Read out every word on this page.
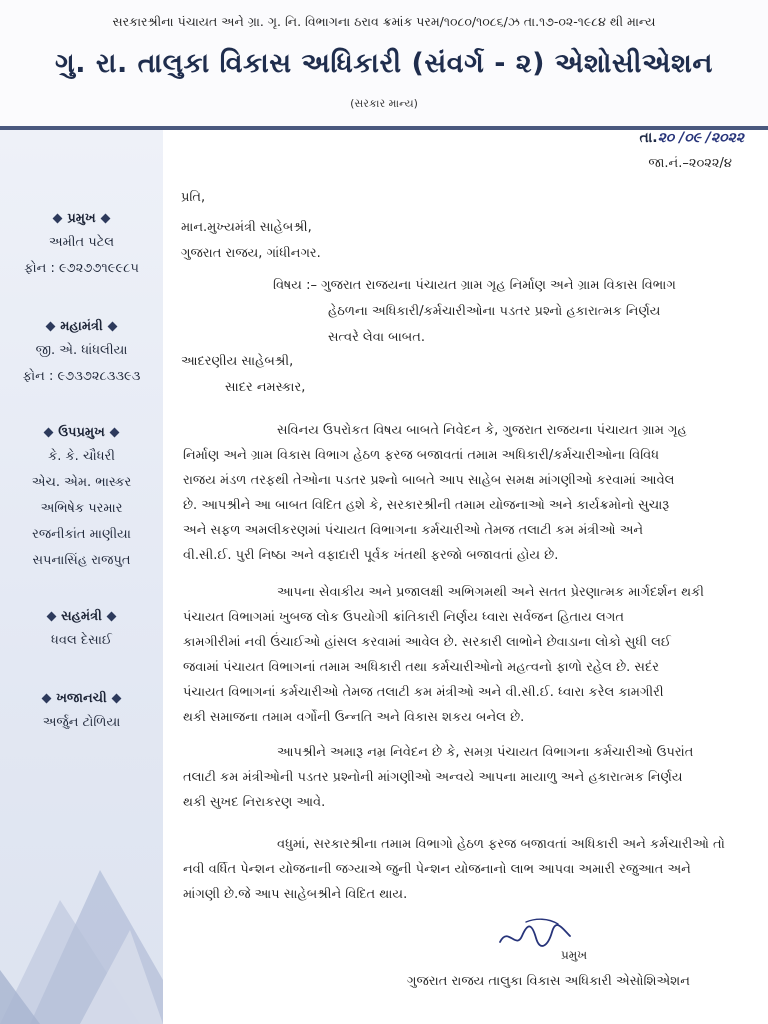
સરકારશ્રીના પંચાયત અને ગ્રા. ગૃ. નિ. વિભાગના ઠરાવ ક્રમાંક પરમ/૧૦૮૦/૧૦૮૬/ઝ તા.૧૭-૦૨-૧૯૮૪ થી માન્ય
ગુ. રા. તાલુકા વિકાસ અધિકારી (સંવર્ગ - ૨) એશોસીએશન
(સરકાર માન્ય)
પ્રમુખ
અમીત પટેલ
ફોન : ૯૭૨૭૭૧૯૯૮૫
મહામંત્રી
જી. એ. ધાંધલીયા
ફોન : ૯૭૩૭૨૮૩૩૯૩
ઉપપ્રમુખ
કે. કે. ચૌધરી
એચ. એમ. ભાસ્કર
અભિષેક પરમાર
રજનીકાંત માણીયા
સપનાસિંહ રાજપુત
સહમંત્રી
ધવલ દેસાઈ
ખજાનચી
અર્જુન ટોળિયા
તા.૨૦ /૦૯ /૨૦૨૨
જા.નં.–૨૦૨૨/૪
પ્રતિ,
માન.મુખ્યમંત્રી સાહેબશ્રી,
ગુજરાત રાજય, ગાંધીનગર.
વિષય :– ગુજરાત રાજયના પંચાયત ગ્રામ ગૃહ નિર્માણ અને ગ્રામ વિકાસ વિભાગ
હેઠળના અધિકારી/કર્મચારીઓના પડતર પ્રશ્નો હકારાત્મક નિર્ણય
સત્વરે લેવા બાબત.
આદરણીય સાહેબશ્રી,
સાદર નમસ્કાર,
સવિનય ઉપરોકત વિષય બાબતે નિવેદન કે, ગુજરાત રાજયના પંચાયત ગ્રામ ગૃહ
નિર્માણ અને ગ્રામ વિકાસ વિભાગ હેઠળ ફરજ બજાવતાં તમામ અધિકારી/કર્મચારીઓના વિવિધ
રાજય મંડળ તરફથી તેઓના પડતર પ્રશ્નો બાબતે આપ સાહેબ સમક્ષ માંગણીઓ કરવામાં આવેલ
છે. આપશ્રીને આ બાબત વિદિત હશે કે, સરકારશ્રીની તમામ યોજનાઓ અને કાર્યક્રમોનો સુચારૂ
અને સફળ અમલીકરણમાં પંચાયત વિભાગના કર્મચારીઓ તેમજ તલાટી કમ મંત્રીઓ અને
વી.સી.ઈ. પુરી નિષ્ઠા અને વફાદારી પૂર્વક ખંતથી ફરજો બજાવતાં હોય છે.
આપના સેવાકીય અને પ્રજાલક્ષી અભિગમથી અને સતત પ્રેરણાત્મક માર્ગદર્શન થકી
પંચાયત વિભાગમાં ખુબજ લોક ઉપયોગી ક્રાંતિકારી નિર્ણય ધ્વારા સર્વજન હિતાય લગત
કામગીરીમાં નવી ઉંચાઈઓ હાંસલ કરવામાં આવેલ છે. સરકારી લાભોને છેવાડાના લોકો સુધી લઈ
જવામાં પંચાયત વિભાગનાં તમામ અધિકારી તથા કર્મચારીઓનો મહત્વનો ફાળો રહેલ છે. સદંર
પંચાયત વિભાગનાં કર્મચારીઓ તેમજ તલાટી કમ મંત્રીઓ અને વી.સી.ઈ. ધ્વારા કરેલ કામગીરી
થકી સમાજના તમામ વર્ગોની ઉન્નતિ અને વિકાસ શકય બનેલ છે.
આપશ્રીને અમારૂ નમ્ર નિવેદન છે કે, સમગ્ર પંચાયત વિભાગના કર્મચારીઓ ઉપરાંત
તલાટી કમ મંત્રીઓની પડતર પ્રશ્નોની માંગણીઓ અન્વયે આપના માયાળુ અને હકારાત્મક નિર્ણય
થકી સુખદ નિરાકરણ આવે.
વધુમાં, સરકારશ્રીના તમામ વિભાગો હેઠળ ફરજ બજાવતાં અધિકારી અને કર્મચારીઓ તો
નવી વર્ધિત પેન્શન યોજનાની જગ્યાએ જુની પેન્શન યોજનાનો લાભ આપવા અમારી રજુઆત અને
માંગણી છે.જે આપ સાહેબશ્રીને વિદિત થાય.
પ્રમુખ
ગુજરાત રાજય તાલુકા વિકાસ અધિકારી એસોશિએશન
